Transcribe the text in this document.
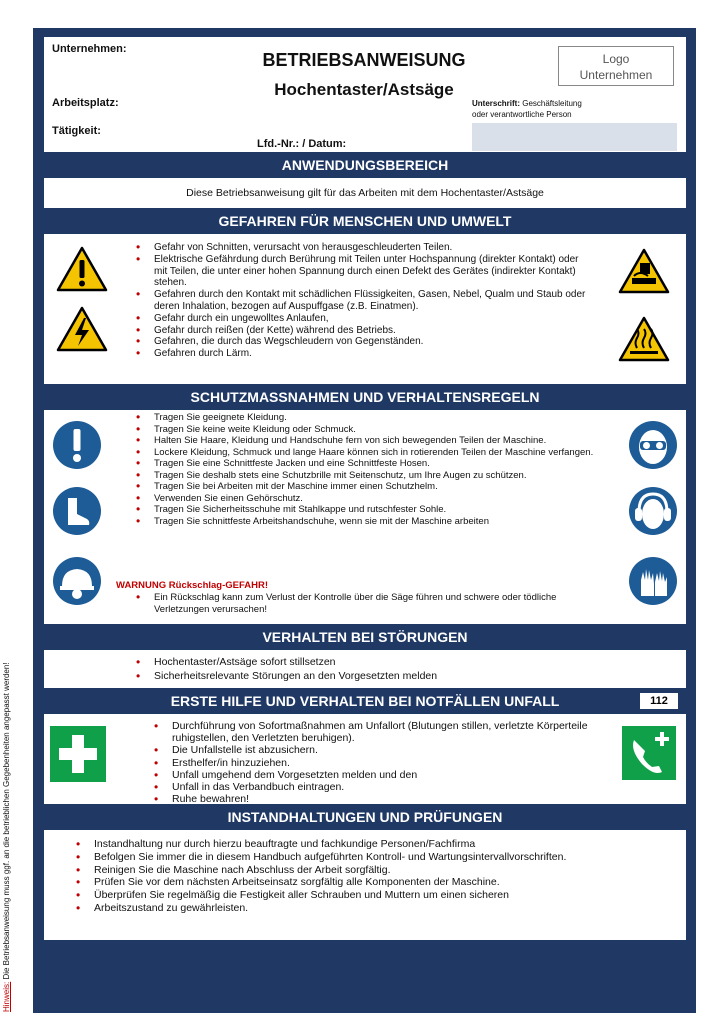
Hinweis: Die Betriebsanweisung muss ggf. an die betrieblichen Gegebenheiten angepasst werden!
Unternehmen:
Arbeitsplatz:
Tätigkeit:
BETRIEBSANWEISUNG
Hochentaster/Astsäge
Lfd.-Nr.: / Datum:
Logo
Unternehmen
Unterschrift: Geschäftsleitung
oder verantwortliche Person
ANWENDUNGSBEREICH
Diese Betriebsanweisung gilt für das Arbeiten mit dem Hochentaster/Astsäge
GEFAHREN FÜR MENSCHEN UND UMWELT
• Gefahr von Schnitten, verursacht von herausgeschleuderten Teilen.
• Elektrische Gefährdung durch Berührung mit Teilen unter Hochspannung (direkter Kontakt) oder mit Teilen, die unter einer hohen Spannung durch einen Defekt des Gerätes (indirekter Kontakt) stehen.
• Gefahren durch den Kontakt mit schädlichen Flüssigkeiten, Gasen, Nebel, Qualm und Staub oder deren Inhalation, bezogen auf Auspuffgase (z.B. Einatmen).
• Gefahr durch ein ungewolltes Anlaufen,
• Gefahr durch reißen (der Kette) während des Betriebs.
• Gefahren, die durch das Wegschleudern von Gegenständen.
• Gefahren durch Lärm.
SCHUTZMASSNAHMEN UND VERHALTENSREGELN
• Tragen Sie geeignete Kleidung.
• Tragen Sie keine weite Kleidung oder Schmuck.
• Halten Sie Haare, Kleidung und Handschuhe fern von sich bewegenden Teilen der Maschine.
• Lockere Kleidung, Schmuck und lange Haare können sich in rotierenden Teilen der Maschine verfangen.
• Tragen Sie eine Schnittfeste Jacken und eine Schnittfeste Hosen.
• Tragen Sie deshalb stets eine Schutzbrille mit Seitenschutz, um Ihre Augen zu schützen.
• Tragen Sie bei Arbeiten mit der Maschine immer einen Schutzhelm.
• Verwenden Sie einen Gehörschutz.
• Tragen Sie Sicherheitsschuhe mit Stahlkappe und rutschfester Sohle.
• Tragen Sie schnittfeste Arbeitshandschuhe, wenn sie mit der Maschine arbeiten
WARNUNG Rückschlag-GEFAHR!
• Ein Rückschlag kann zum Verlust der Kontrolle über die Säge führen und schwere oder tödliche Verletzungen verursachen!
VERHALTEN BEI STÖRUNGEN
• Hochentaster/Astsäge sofort stillsetzen
• Sicherheitsrelevante Störungen an den Vorgesetzten melden
ERSTE HILFE UND VERHALTEN BEI NOTFÄLLEN UNFALL	112
• Durchführung von Sofortmaßnahmen am Unfallort (Blutungen stillen, verletzte Körperteile ruhigstellen, den Verletzten beruhigen).
• Die Unfallstelle ist abzusichern.
• Ersthelfer/in hinzuziehen.
• Unfall umgehend dem Vorgesetzten melden und den
• Unfall in das Verbandbuch eintragen.
• Ruhe bewahren!
INSTANDHALTUNGEN UND PRÜFUNGEN
• Instandhaltung nur durch hierzu beauftragte und fachkundige Personen/Fachfirma
• Befolgen Sie immer die in diesem Handbuch aufgeführten Kontroll- und Wartungsintervallvorschriften.
• Reinigen Sie die Maschine nach Abschluss der Arbeit sorgfältig.
• Prüfen Sie vor dem nächsten Arbeitseinsatz sorgfältig alle Komponenten der Maschine.
• Überprüfen Sie regelmäßig die Festigkeit aller Schrauben und Muttern um einen sicheren
• Arbeitszustand zu gewährleisten.
